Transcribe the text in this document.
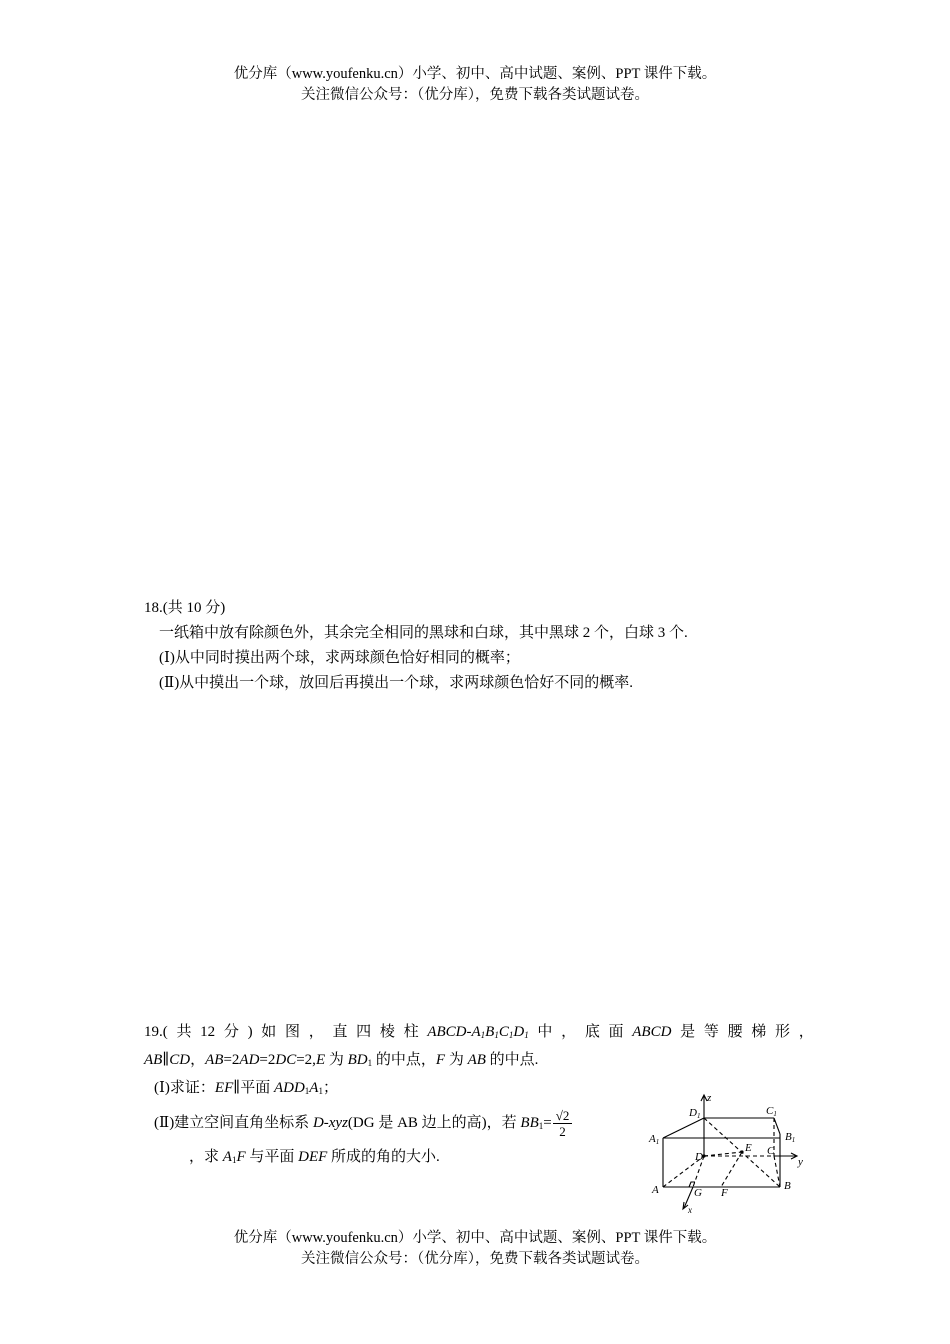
优分库（www.youfenku.cn）小学、初中、高中试题、案例、PPT 课件下载。
关注微信公众号：（优分库），免费下载各类试题试卷。
18.(共 10 分)
一纸箱中放有除颜色外，其余完全相同的黑球和白球，其中黑球 2 个，白球 3 个.
(Ⅰ)从中同时摸出两个球，求两球颜色恰好相同的概率；
(Ⅱ)从中摸出一个球，放回后再摸出一个球，求两球颜色恰好不同的概率.
19.( 共 12 分 ) 如 图 ， 直 四 棱 柱 ABCD-$A_1B_1C_1D_1$ 中 ， 底 面 ABCD 是 等 腰 梯 形 ，
AB∥CD，AB=2AD=2DC=2,E 为 $BD_1$ 的中点，F 为 AB 的中点.
(Ⅰ)求证：EF∥平面 $ADD_1A_1$；
(Ⅱ)建立空间直角坐标系 D-xyz(DG 是 AB 边上的高)，若 $BB_1= \frac{√2}{2}$
，求 $A_1F$ 与平面 DEF 所成的角的大小.
z
D1	C1
A1	B1
D
E C
y
A	G F
B
x
优分库（www.youfenku.cn）小学、初中、高中试题、案例、PPT 课件下载。
关注微信公众号：（优分库），免费下载各类试题试卷。
